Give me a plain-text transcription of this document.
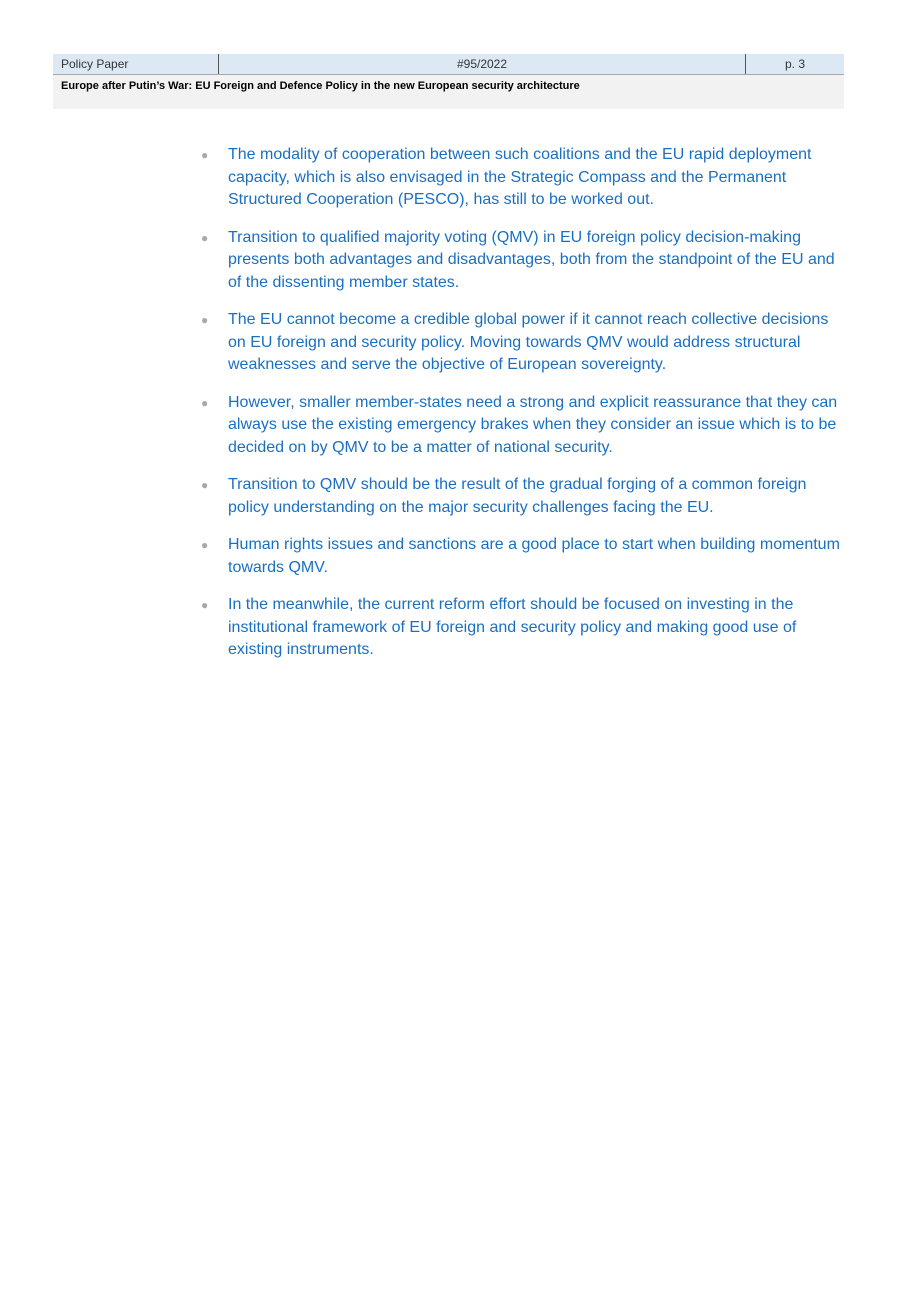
Policy Paper	#95/2022	p. 3
Europe after Putin’s War: EU Foreign and Defence Policy in the new European security architecture
●	The modality of cooperation between such coalitions and the EU rapid deployment capacity, which is also envisaged in the Strategic Compass and the Permanent Structured Cooperation (PESCO), has still to be worked out.
●	Transition to qualified majority voting (QMV) in EU foreign policy decision-making presents both advantages and disadvantages, both from the standpoint of the EU and of the dissenting member states.
●	The EU cannot become a credible global power if it cannot reach collective decisions on EU foreign and security policy. Moving towards QMV would address structural weaknesses and serve the objective of European sovereignty.
●	However, smaller member-states need a strong and explicit reassurance that they can always use the existing emergency brakes when they consider an issue which is to be decided on by QMV to be a matter of national security.
●	Transition to QMV should be the result of the gradual forging of a common foreign policy understanding on the major security challenges facing the EU.
●	Human rights issues and sanctions are a good place to start when building momentum towards QMV.
●	In the meanwhile, the current reform effort should be focused on investing in the institutional framework of EU foreign and security policy and making good use of existing instruments.
